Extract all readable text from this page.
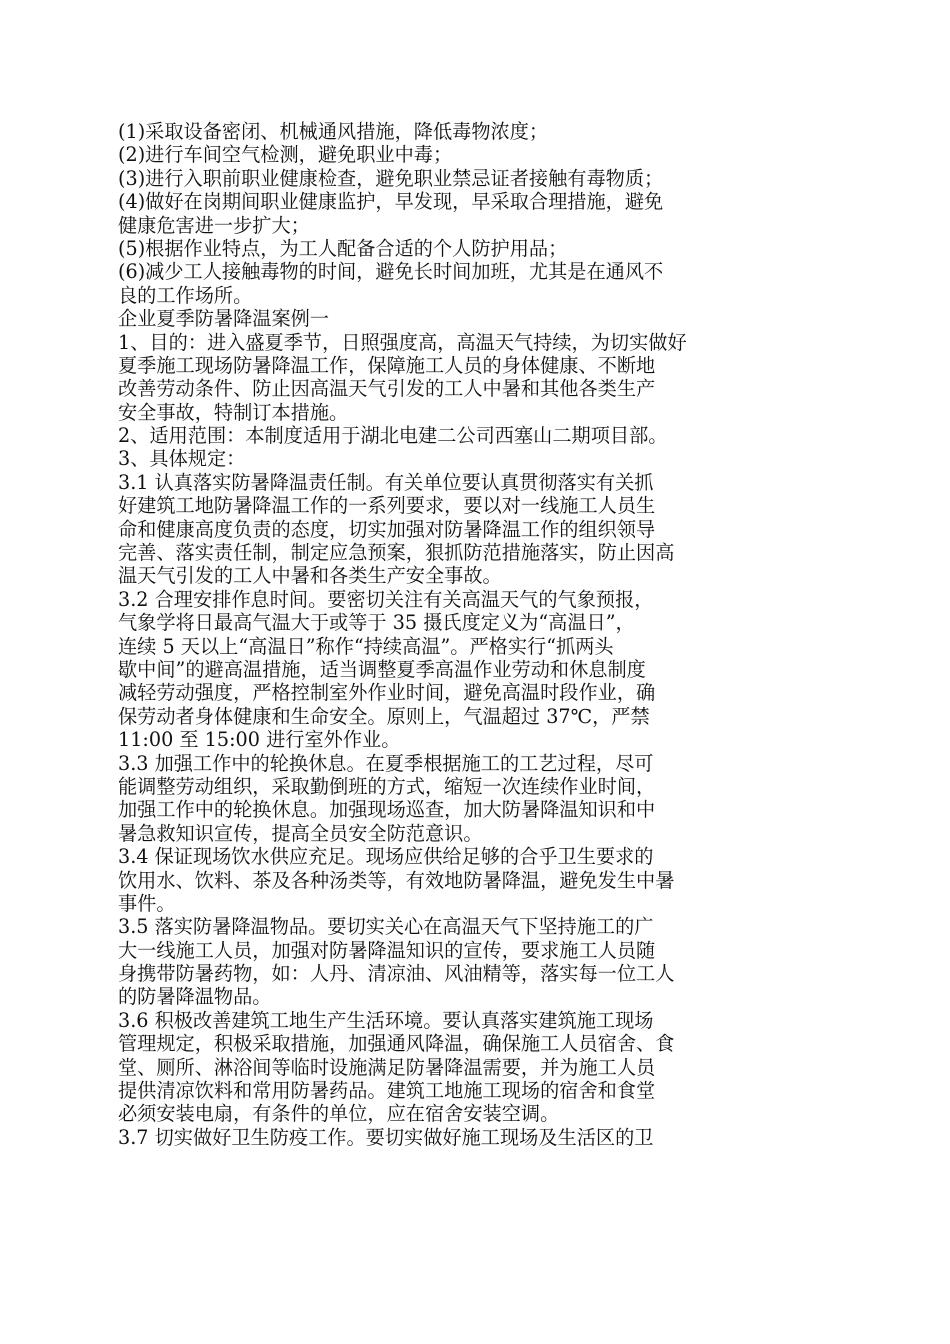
(1)采取设备密闭、机械通风措施，降低毒物浓度；
(2)进行车间空气检测，避免职业中毒；
(3)进行入职前职业健康检查，避免职业禁忌证者接触有毒物质；
(4)做好在岗期间职业健康监护，早发现，早采取合理措施，避免
健康危害进一步扩大；
(5)根据作业特点，为工人配备合适的个人防护用品；
(6)减少工人接触毒物的时间，避免长时间加班，尤其是在通风不
良的工作场所。
企业夏季防暑降温案例一
1、目的：进入盛夏季节，日照强度高，高温天气持续，为切实做好
夏季施工现场防暑降温工作，保障施工人员的身体健康、不断地
改善劳动条件、防止因高温天气引发的工人中暑和其他各类生产
安全事故，特制订本措施。
2、适用范围：本制度适用于湖北电建二公司西塞山二期项目部。
3、具体规定：
3.1 认真落实防暑降温责任制。有关单位要认真贯彻落实有关抓
好建筑工地防暑降温工作的一系列要求，要以对一线施工人员生
命和健康高度负责的态度，切实加强对防暑降温工作的组织领导
完善、落实责任制，制定应急预案，狠抓防范措施落实，防止因高
温天气引发的工人中暑和各类生产安全事故。
3.2 合理安排作息时间。要密切关注有关高温天气的气象预报，
气象学将日最高气温大于或等于 35 摄氏度定义为“高温日”，
连续 5 天以上“高温日”称作“持续高温”。严格实行“抓两头
歇中间”的避高温措施，适当调整夏季高温作业劳动和休息制度
减轻劳动强度，严格控制室外作业时间，避免高温时段作业，确
保劳动者身体健康和生命安全。原则上，气温超过 37℃，严禁
11:00 至 15:00 进行室外作业。
3.3 加强工作中的轮换休息。在夏季根据施工的工艺过程，尽可
能调整劳动组织，采取勤倒班的方式，缩短一次连续作业时间，
加强工作中的轮换休息。加强现场巡查，加大防暑降温知识和中
暑急救知识宣传，提高全员安全防范意识。
3.4 保证现场饮水供应充足。现场应供给足够的合乎卫生要求的
饮用水、饮料、茶及各种汤类等，有效地防暑降温，避免发生中暑
事件。
3.5 落实防暑降温物品。要切实关心在高温天气下坚持施工的广
大一线施工人员，加强对防暑降温知识的宣传，要求施工人员随
身携带防暑药物，如：人丹、清凉油、风油精等，落实每一位工人
的防暑降温物品。
3.6 积极改善建筑工地生产生活环境。要认真落实建筑施工现场
管理规定，积极采取措施，加强通风降温，确保施工人员宿舍、食
堂、厕所、淋浴间等临时设施满足防暑降温需要，并为施工人员
提供清凉饮料和常用防暑药品。建筑工地施工现场的宿舍和食堂
必须安装电扇，有条件的单位，应在宿舍安装空调。
3.7 切实做好卫生防疫工作。要切实做好施工现场及生活区的卫
